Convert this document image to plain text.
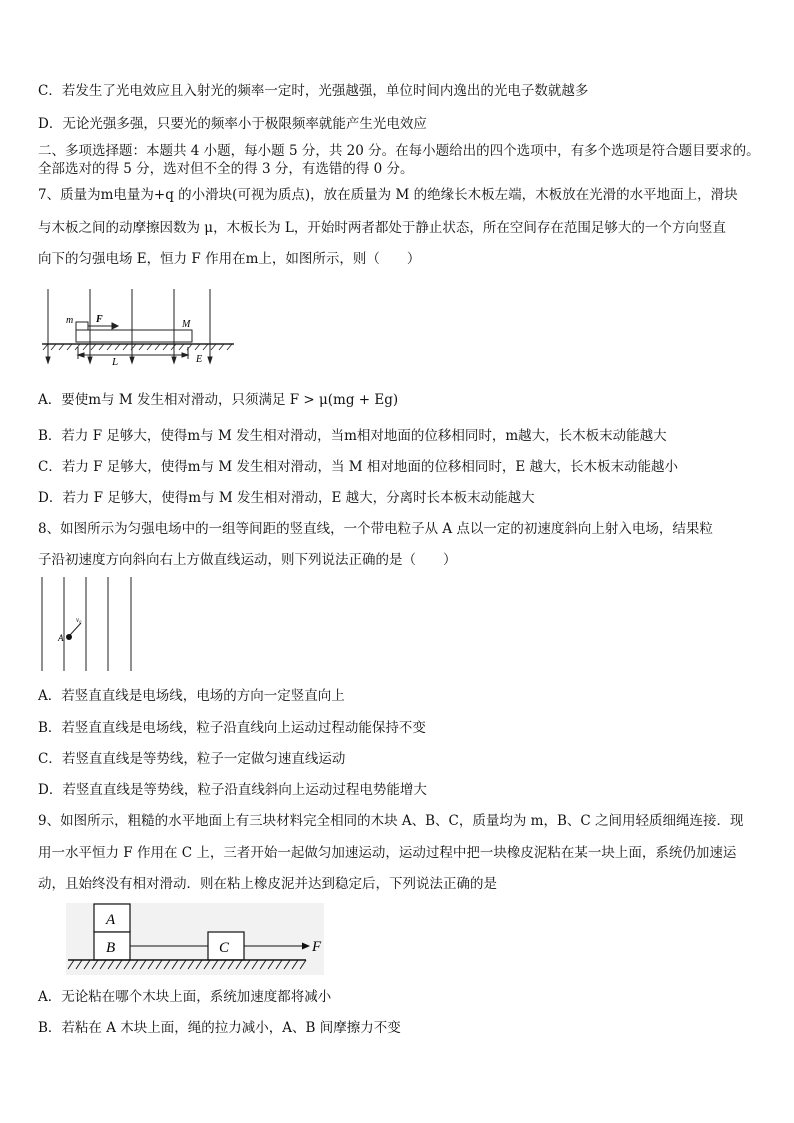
C．若发生了光电效应且入射光的频率一定时，光强越强，单位时间内逸出的光电子数就越多
D．无论光强多强，只要光的频率小于极限频率就能产生光电效应
二、多项选择题：本题共 4 小题，每小题 5 分，共 20 分。在每小题给出的四个选项中，有多个选项是符合题目要求的。
全部选对的得 5 分，选对但不全的得 3 分，有选错的得 0 分。
7、质量为m电量为+q 的小滑块(可视为质点)，放在质量为 M 的绝缘长木板左端，木板放在光滑的水平地面上，滑块
与木板之间的动摩擦因数为 μ，木板长为 L，开始时两者都处于静止状态，所在空间存在范围足够大的一个方向竖直
向下的匀强电场 E，恒力 F 作用在m上，如图所示，则（　　）
m F	M
L	E
A．要使m与 M 发生相对滑动，只须满足 F > μ(mg + Eg)
B．若力 F 足够大，使得m与 M 发生相对滑动，当m相对地面的位移相同时，m越大，长木板末动能越大
C．若力 F 足够大，使得m与 M 发生相对滑动，当 M 相对地面的位移相同时，E 越大，长木板末动能越小
D．若力 F 足够大，使得m与 M 发生相对滑动，E 越大，分离时长本板末动能越大
8、如图所示为匀强电场中的一组等间距的竖直线，一个带电粒子从 A 点以一定的初速度斜向上射入电场，结果粒
子沿初速度方向斜向右上方做直线运动，则下列说法正确的是（　　）
A
v₀
A．若竖直直线是电场线，电场的方向一定竖直向上
B．若竖直直线是电场线，粒子沿直线向上运动过程动能保持不变
C．若竖直直线是等势线，粒子一定做匀速直线运动
D．若竖直直线是等势线，粒子沿直线斜向上运动过程电势能增大
9、如图所示，粗糙的水平地面上有三块材料完全相同的木块 A、B、C，质量均为 m，B、C 之间用轻质细绳连接．现
用一水平恒力 F 作用在 C 上，三者开始一起做匀加速运动，运动过程中把一块橡皮泥粘在某一块上面，系统仍加速运
动，且始终没有相对滑动．则在粘上橡皮泥并达到稳定后，下列说法正确的是
A
B	C	F
A．无论粘在哪个木块上面，系统加速度都将减小
B．若粘在 A 木块上面，绳的拉力减小，A、B 间摩擦力不变
